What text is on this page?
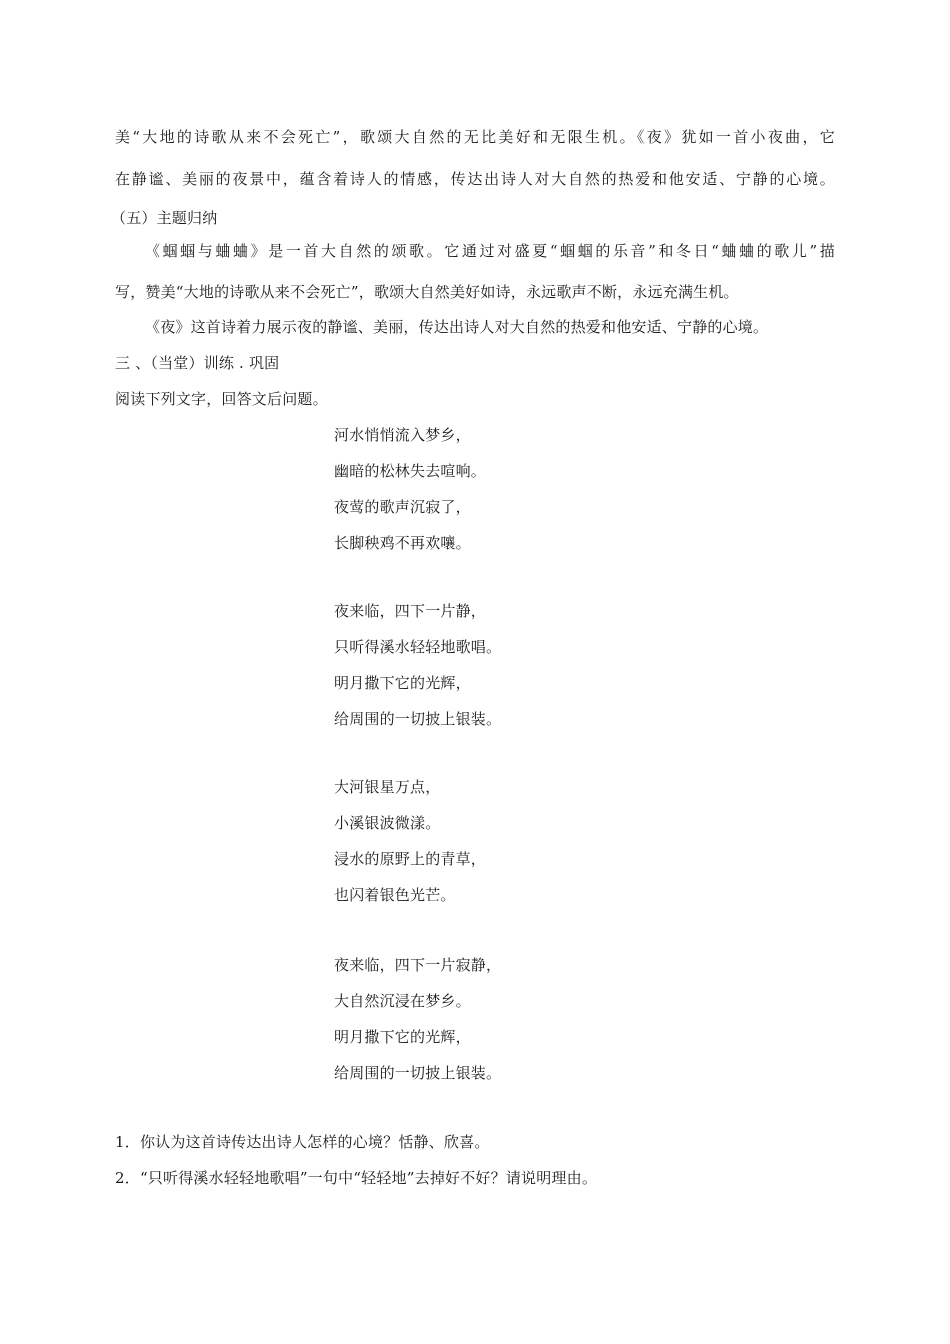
美“大地的诗歌从来不会死亡”，歌颂大自然的无比美好和无限生机。《夜》犹如一首小夜曲，它
在静谧、美丽的夜景中，蕴含着诗人的情感，传达出诗人对大自然的热爱和他安适、宁静的心境。
（五）主题归纳
《蝈蝈与蛐蛐》是一首大自然的颂歌。它通过对盛夏“蝈蝈的乐音”和冬日“蛐蛐的歌儿”描
写，赞美“大地的诗歌从来不会死亡”，歌颂大自然美好如诗，永远歌声不断，永远充满生机。
《夜》这首诗着力展示夜的静谧、美丽，传达出诗人对大自然的热爱和他安适、宁静的心境。
三 、（当堂）训练 . 巩固
阅读下列文字，回答文后问题。
河水悄悄流入梦乡，
幽暗的松林失去喧响。
夜莺的歌声沉寂了，
长脚秧鸡不再欢嚷。
夜来临，四下一片静，
只听得溪水轻轻地歌唱。
明月撒下它的光辉，
给周围的一切披上银装。
大河银星万点，
小溪银波微漾。
浸水的原野上的青草，
也闪着银色光芒。
夜来临，四下一片寂静，
大自然沉浸在梦乡。
明月撒下它的光辉，
给周围的一切披上银装。
1．你认为这首诗传达出诗人怎样的心境？恬静、欣喜。
2．“只听得溪水轻轻地歌唱”一句中“轻轻地”去掉好不好？请说明理由。
